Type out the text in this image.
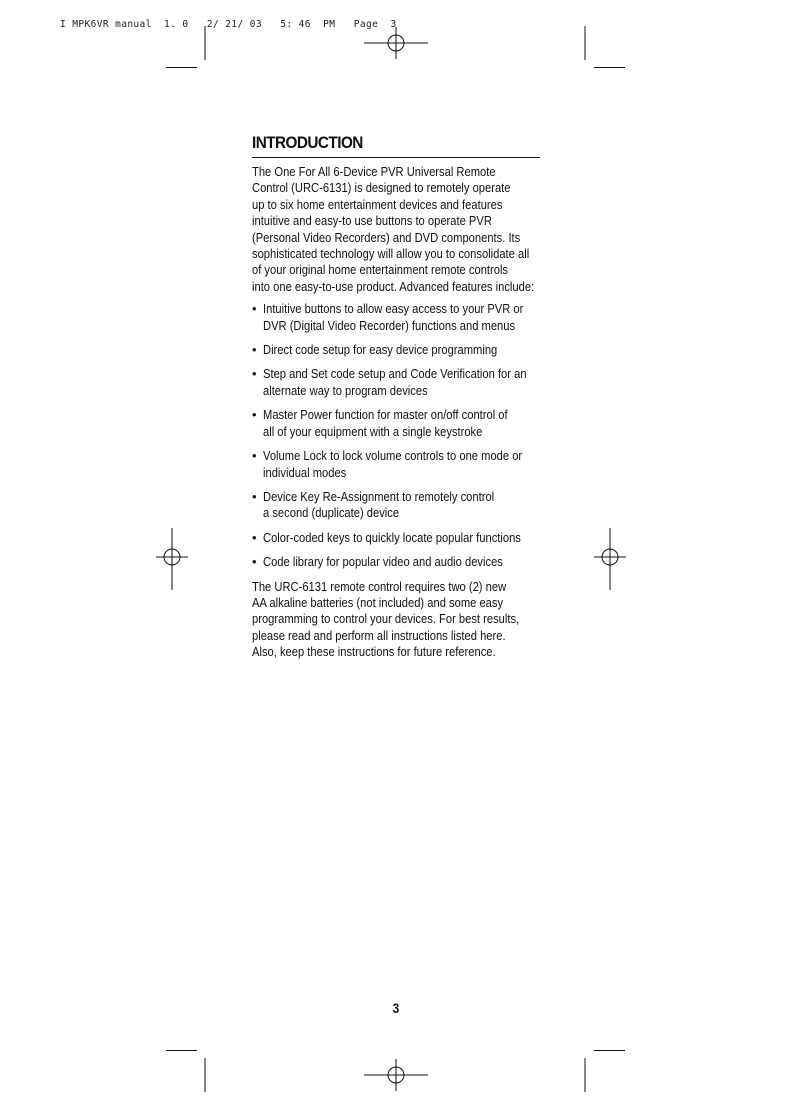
I MPK6VR manual  1. 0   2/ 21/ 03   5: 46  PM   Page  3
INTRODUCTION
The One For All 6-Device PVR Universal Remote
Control (URC-6131) is designed to remotely operate
up to six home entertainment devices and features
intuitive and easy-to use buttons to operate PVR
(Personal Video Recorders) and DVD components. Its
sophisticated technology will allow you to consolidate all
of your original home entertainment remote controls
into one easy-to-use product. Advanced features include:
• Intuitive buttons to allow easy access to your PVR or
DVR (Digital Video Recorder) functions and menus
• Direct code setup for easy device programming
• Step and Set code setup and Code Verification for an
alternate way to program devices
• Master Power function for master on/off control of
all of your equipment with a single keystroke
• Volume Lock to lock volume controls to one mode or
individual modes
• Device Key Re-Assignment to remotely control
a second (duplicate) device
• Color-coded keys to quickly locate popular functions
• Code library for popular video and audio devices
The URC-6131 remote control requires two (2) new
AA alkaline batteries (not included) and some easy
programming to control your devices. For best results,
please read and perform all instructions listed here.
Also, keep these instructions for future reference.
3
